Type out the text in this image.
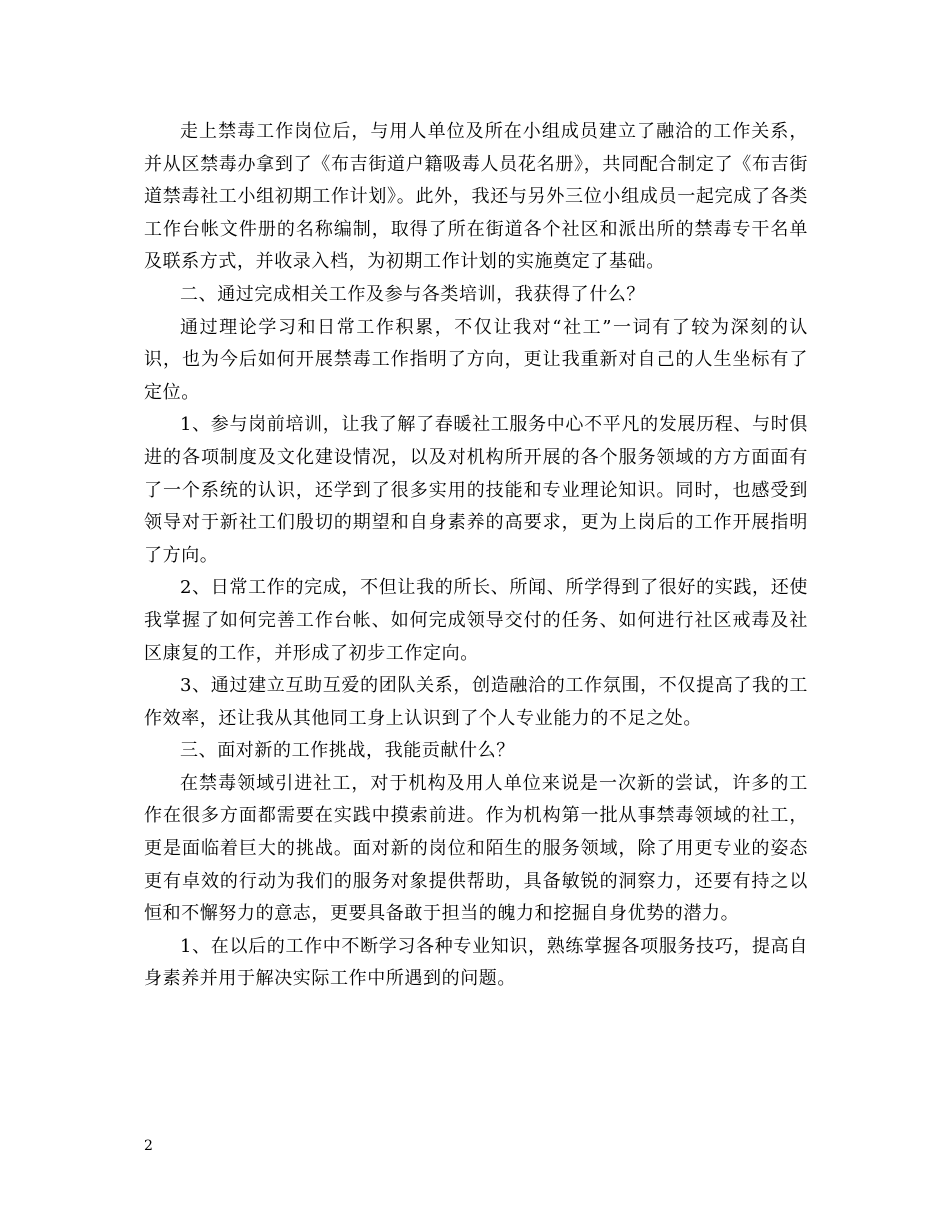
走上禁毒工作岗位后，与用人单位及所在小组成员建立了融洽的工作关系，并从区禁毒办拿到了《布吉街道户籍吸毒人员花名册》，共同配合制定了《布吉街道禁毒社工小组初期工作计划》。此外，我还与另外三位小组成员一起完成了各类工作台帐文件册的名称编制，取得了所在街道各个社区和派出所的禁毒专干名单及联系方式，并收录入档，为初期工作计划的实施奠定了基础。

二、通过完成相关工作及参与各类培训，我获得了什么？

通过理论学习和日常工作积累，不仅让我对“社工”一词有了较为深刻的认识，也为今后如何开展禁毒工作指明了方向，更让我重新对自己的人生坐标有了定位。

1、参与岗前培训，让我了解了春暖社工服务中心不平凡的发展历程、与时俱进的各项制度及文化建设情况，以及对机构所开展的各个服务领域的方方面面有了一个系统的认识，还学到了很多实用的技能和专业理论知识。同时，也感受到领导对于新社工们殷切的期望和自身素养的高要求，更为上岗后的工作开展指明了方向。

2、日常工作的完成，不但让我的所长、所闻、所学得到了很好的实践，还使我掌握了如何完善工作台帐、如何完成领导交付的任务、如何进行社区戒毒及社区康复的工作，并形成了初步工作定向。

3、通过建立互助互爱的团队关系，创造融洽的工作氛围，不仅提高了我的工作效率，还让我从其他同工身上认识到了个人专业能力的不足之处。

三、面对新的工作挑战，我能贡献什么？

在禁毒领域引进社工，对于机构及用人单位来说是一次新的尝试，许多的工作在很多方面都需要在实践中摸索前进。作为机构第一批从事禁毒领域的社工，更是面临着巨大的挑战。面对新的岗位和陌生的服务领域，除了用更专业的姿态更有卓效的行动为我们的服务对象提供帮助，具备敏锐的洞察力，还要有持之以恒和不懈努力的意志，更要具备敢于担当的魄力和挖掘自身优势的潜力。

1、在以后的工作中不断学习各种专业知识，熟练掌握各项服务技巧，提高自身素养并用于解决实际工作中所遇到的问题。

2
